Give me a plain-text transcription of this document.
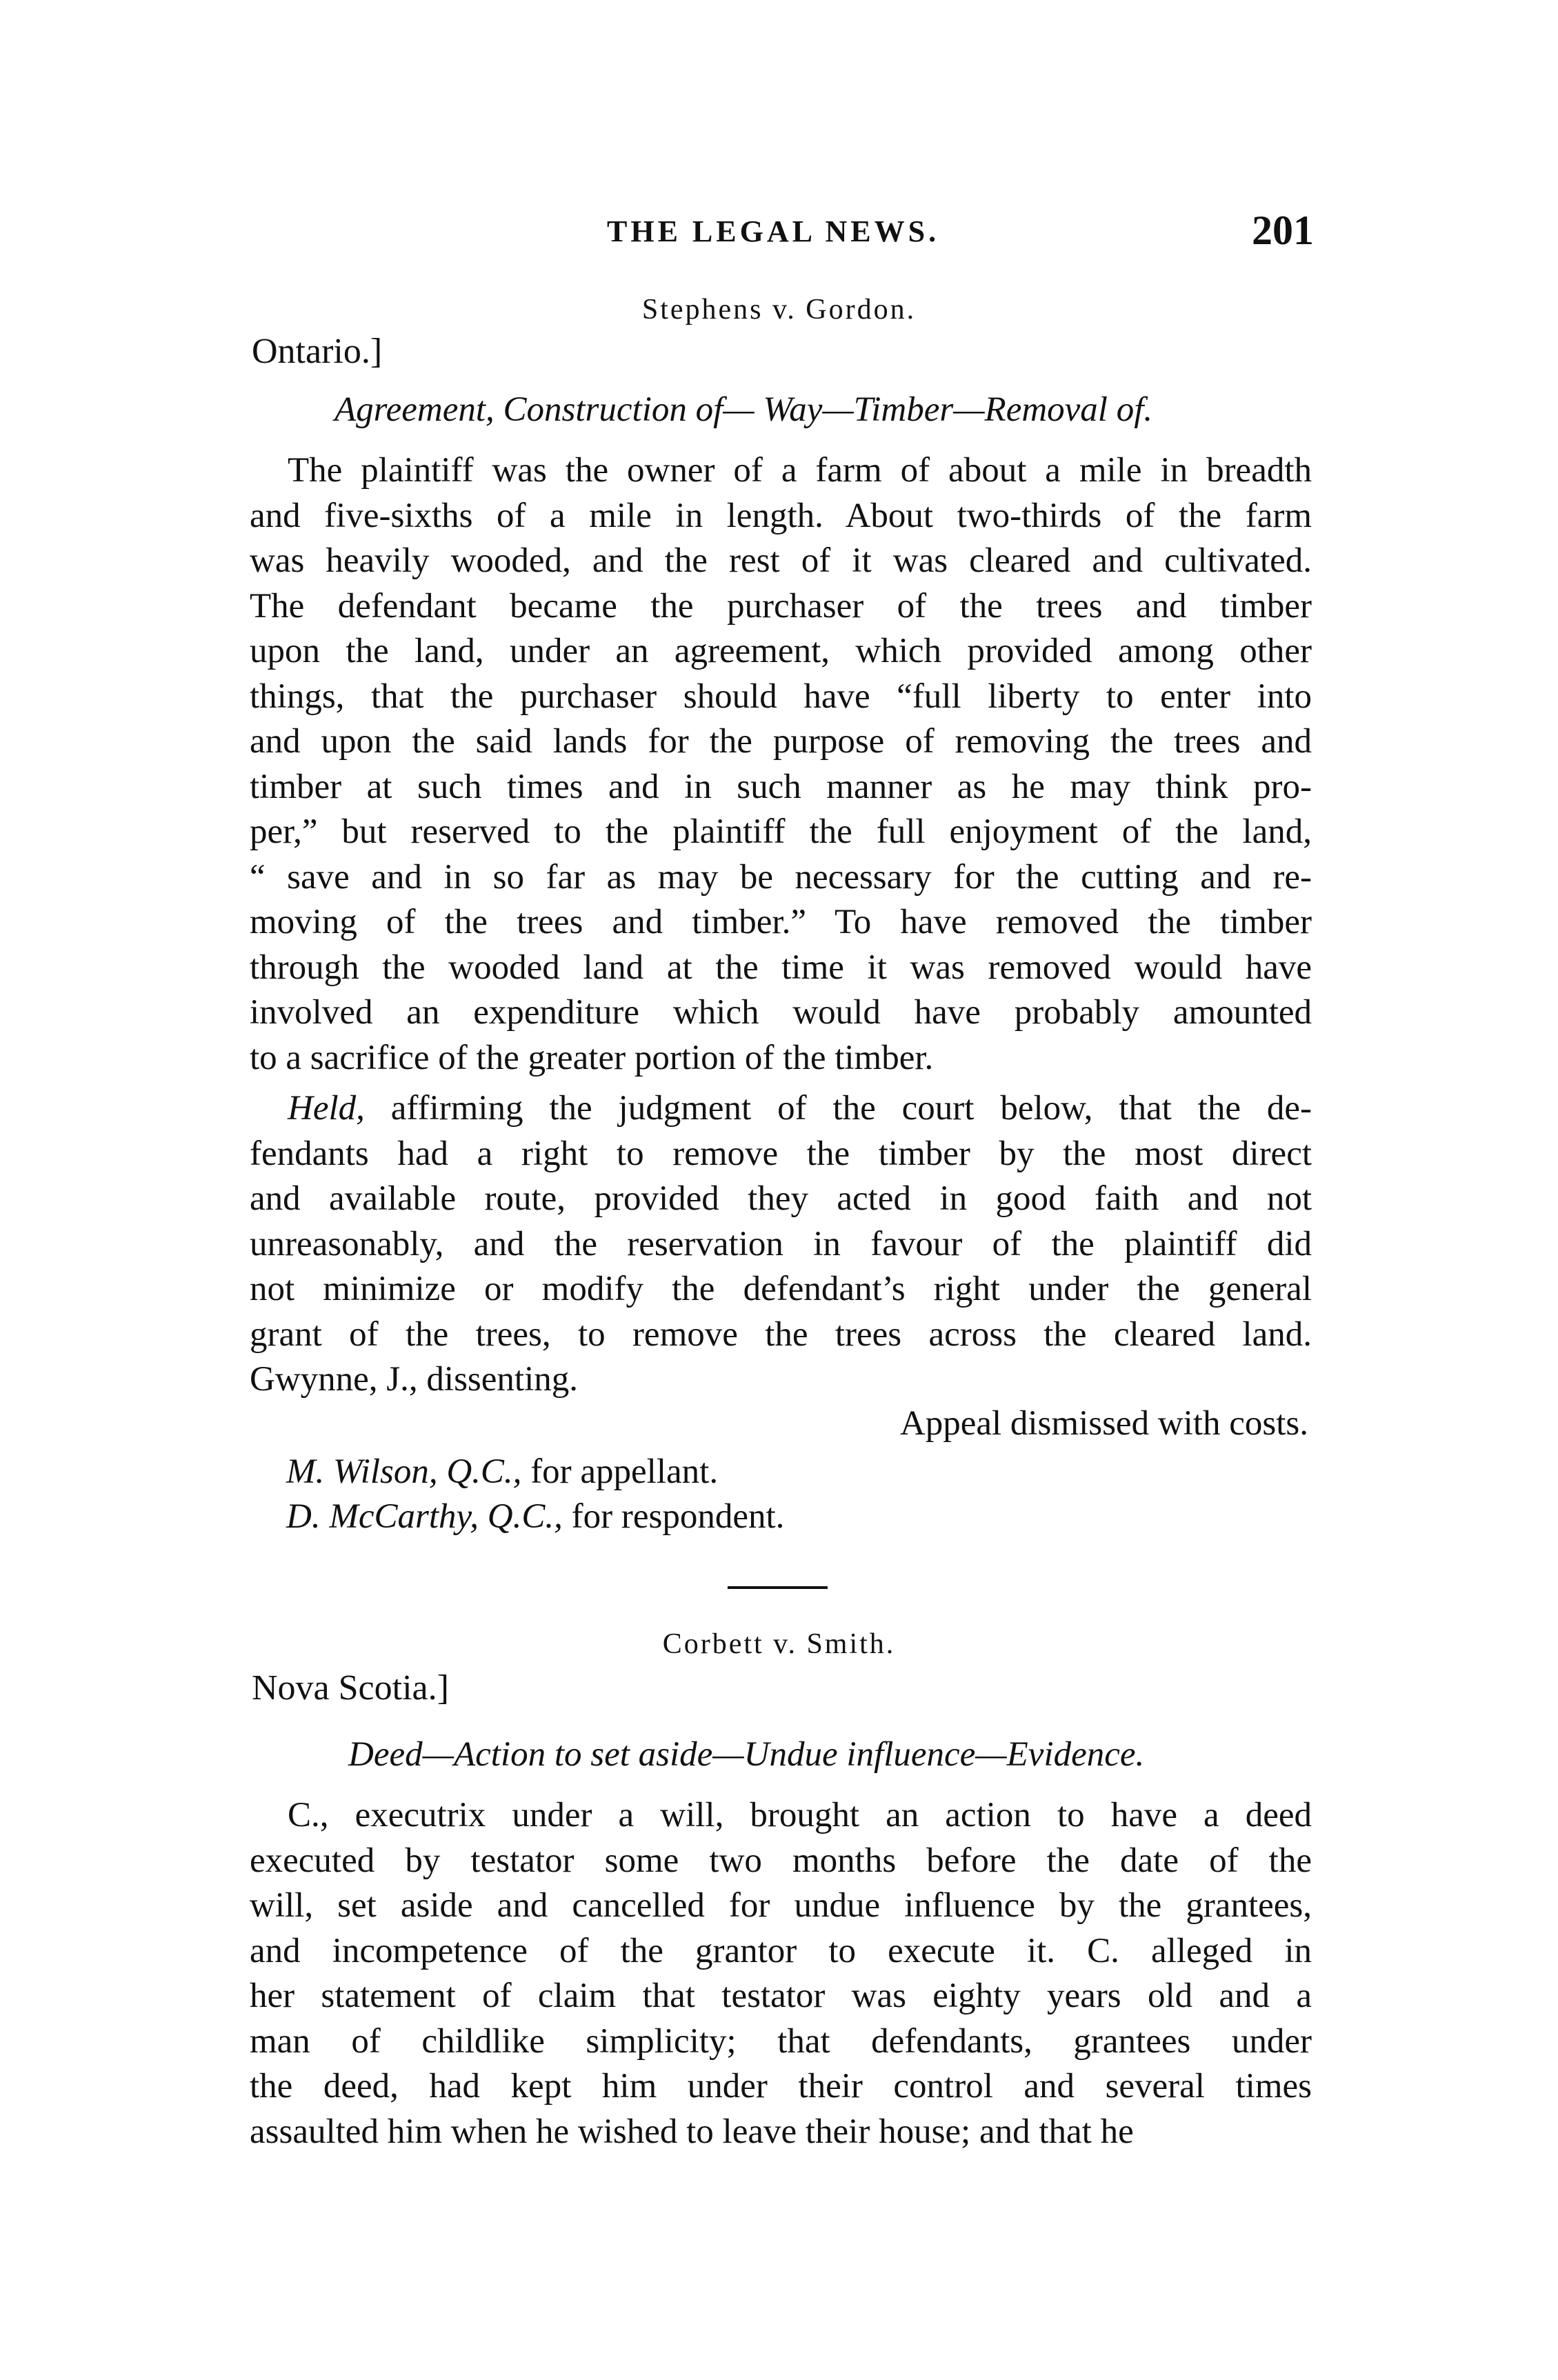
THE LEGAL NEWS.	201
Stephens v. Gordon.
Ontario.]
Agreement, Construction of— Way—Timber—Removal of.
The plaintiff was the owner of a farm of about a mile in breadth
and five-sixths of a mile in length. About two-thirds of the farm
was heavily wooded, and the rest of it was cleared and cultivated.
The defendant became the purchaser of the trees and timber
upon the land, under an agreement, which provided among other
things, that the purchaser should have “full liberty to enter into
and upon the said lands for the purpose of removing the trees and
timber at such times and in such manner as he may think pro-
per,” but reserved to the plaintiff the full enjoyment of the land,
“ save and in so far as may be necessary for the cutting and re-
moving of the trees and timber.” To have removed the timber
through the wooded land at the time it was removed would have
involved an expenditure which would have probably amounted
to a sacrifice of the greater portion of the timber.
Held, affirming the judgment of the court below, that the de-
fendants had a right to remove the timber by the most direct
and available route, provided they acted in good faith and not
unreasonably, and the reservation in favour of the plaintiff did
not minimize or modify the defendant’s right under the general
grant of the trees, to remove the trees across the cleared land.
Gwynne, J., dissenting.
Appeal dismissed with costs.
M. Wilson, Q.C., for appellant.
D. McCarthy, Q.C., for respondent.
Corbett v. Smith.
Nova Scotia.]
Deed—Action to set aside—Undue influence—Evidence.
C., executrix under a will, brought an action to have a deed
executed by testator some two months before the date of the
will, set aside and cancelled for undue influence by the grantees,
and incompetence of the grantor to execute it. C. alleged in
her statement of claim that testator was eighty years old and a
man of childlike simplicity; that defendants, grantees under
the deed, had kept him under their control and several times
assaulted him when he wished to leave their house; and that he
